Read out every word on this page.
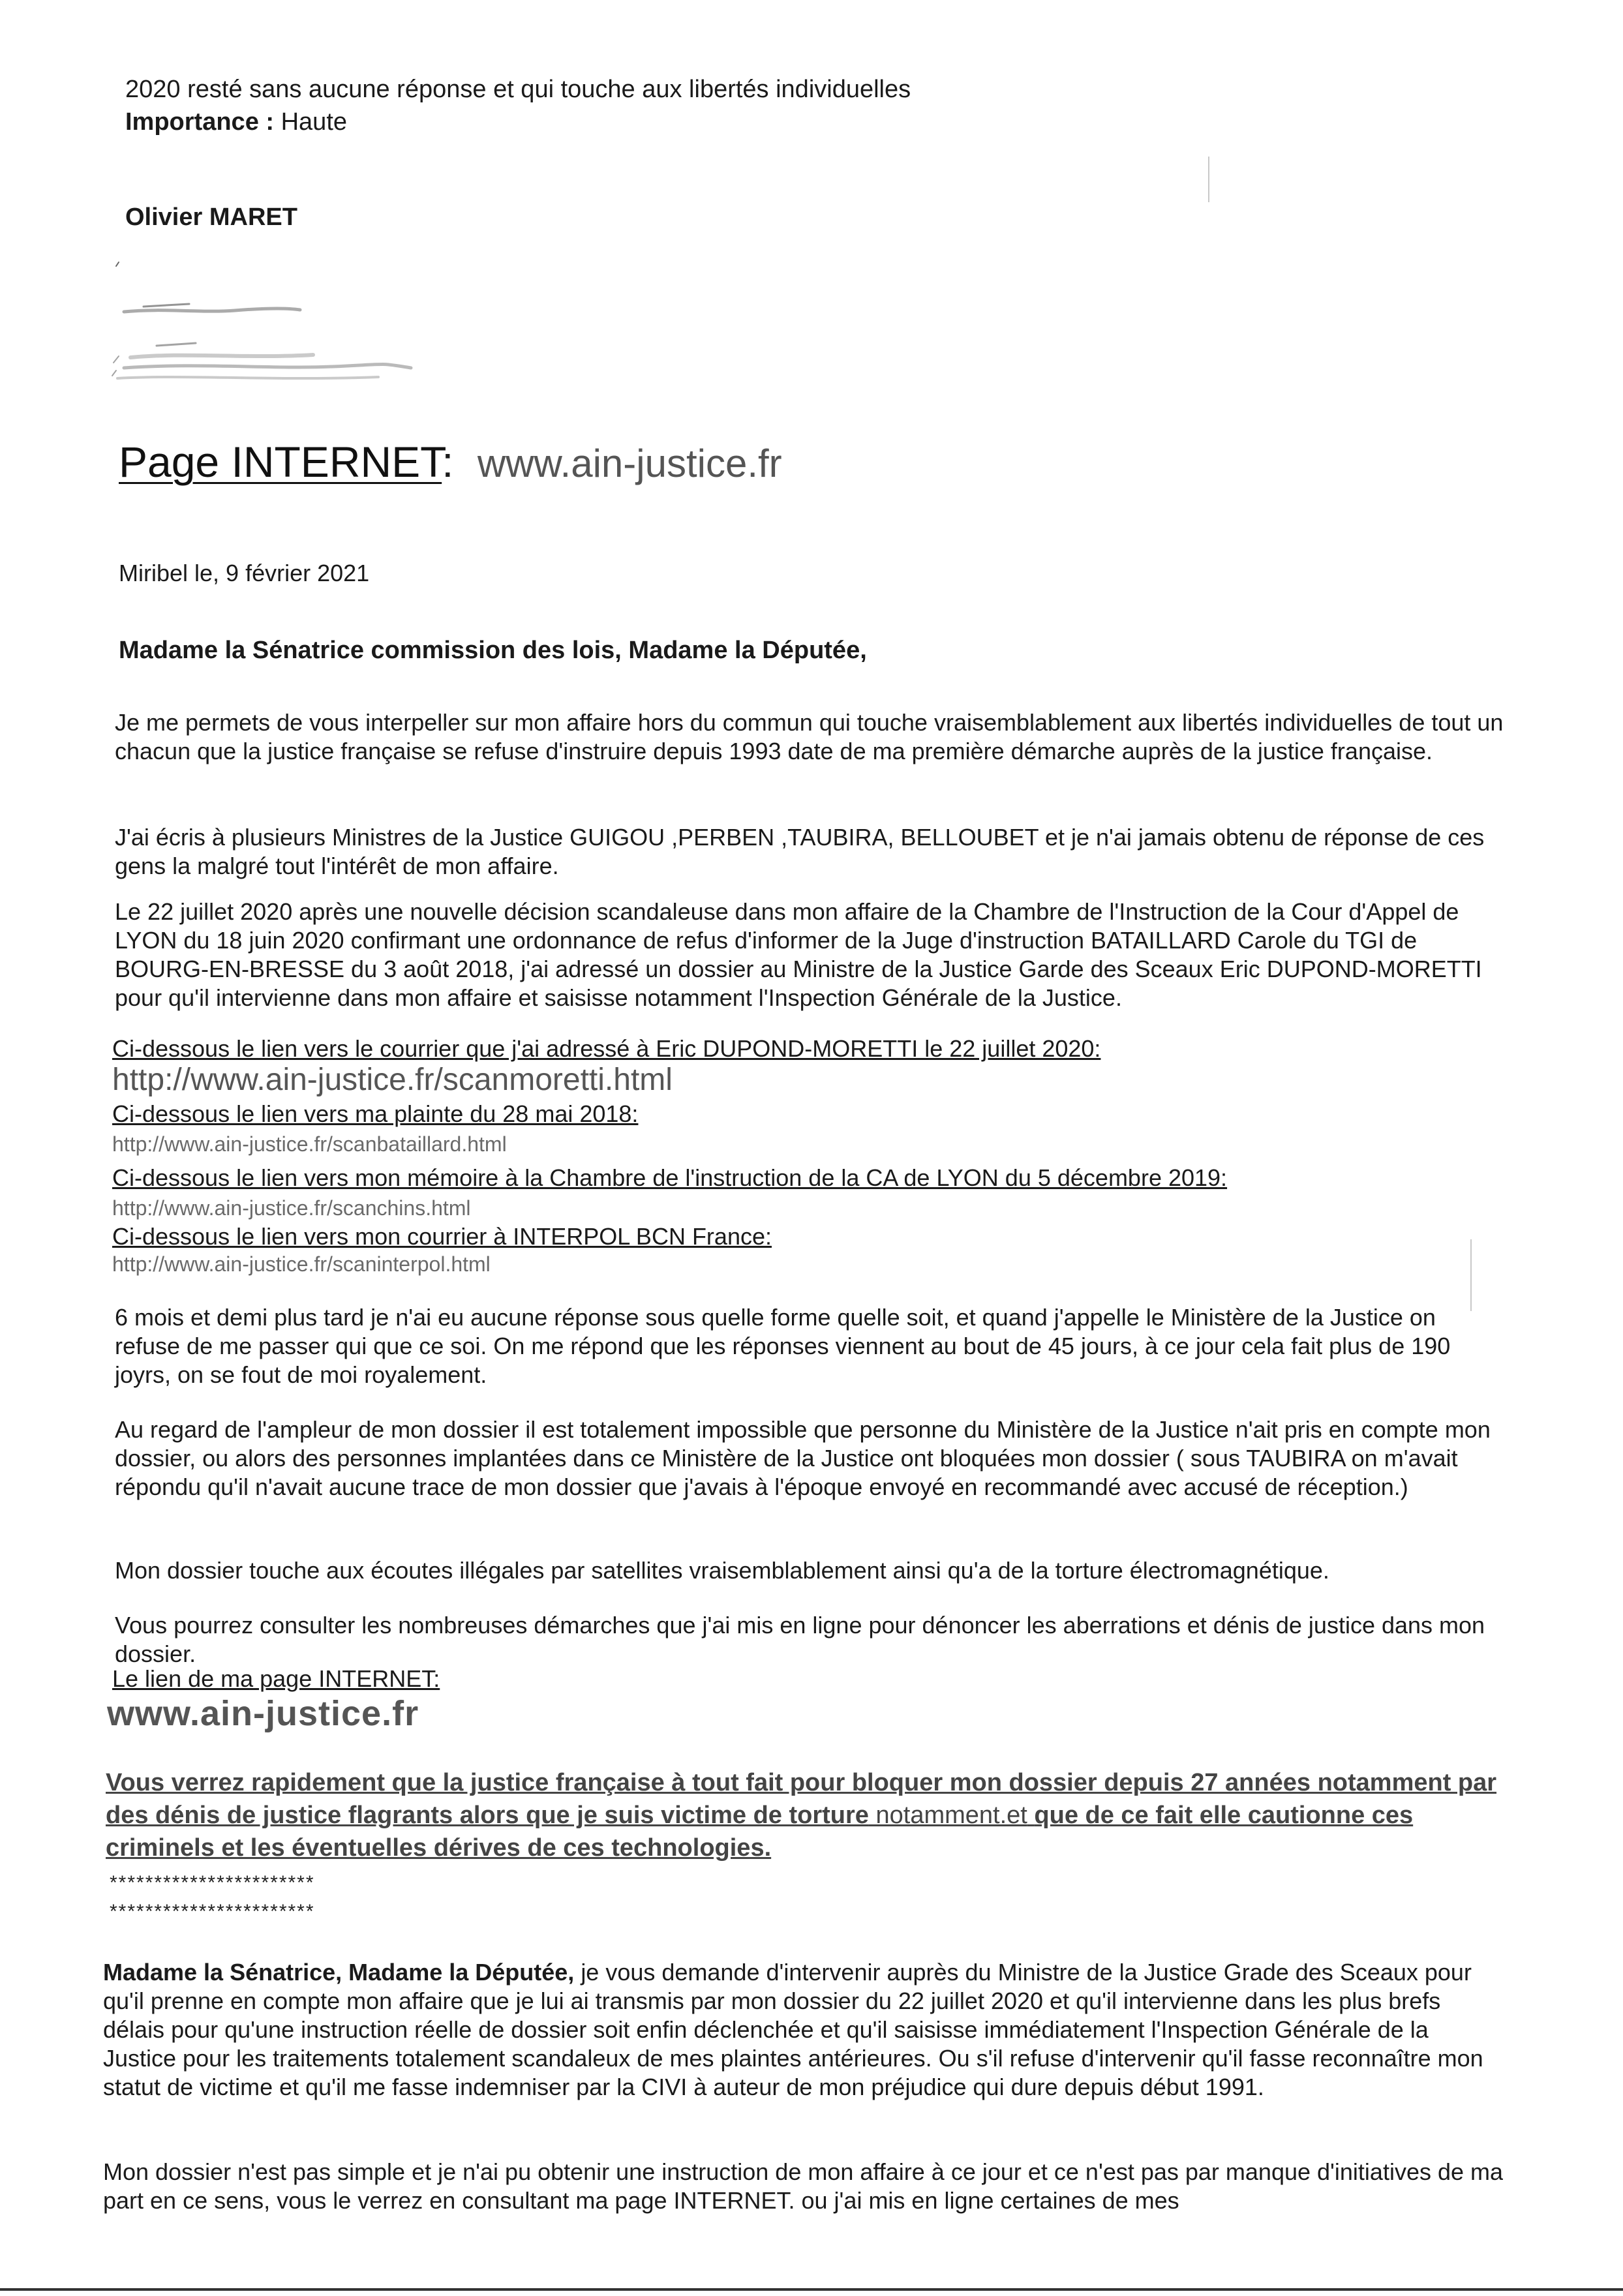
2020 resté sans aucune réponse et qui touche aux libertés individuelles
Importance : Haute
Olivier MARET
Page INTERNET: www.ain-justice.fr
Miribel le, 9 février 2021
Madame la Sénatrice commission des lois, Madame la Députée,
Je me permets de vous interpeller sur mon affaire hors du commun qui touche vraisemblablement aux libertés individuelles de tout un chacun que la justice française se refuse d'instruire depuis 1993 date de ma première démarche auprès de la justice française.
J'ai écris à plusieurs Ministres de la Justice GUIGOU ,PERBEN ,TAUBIRA, BELLOUBET et je n'ai jamais obtenu de réponse de ces gens la malgré tout l'intérêt de mon affaire.
Le 22 juillet 2020 après une nouvelle décision scandaleuse dans mon affaire de la Chambre de l'Instruction de la Cour d'Appel de LYON du 18 juin 2020 confirmant une ordonnance de refus d'informer de la Juge d'instruction BATAILLARD Carole du TGI de BOURG-EN-BRESSE du 3 août 2018, j'ai adressé un dossier au Ministre de la Justice Garde des Sceaux Eric DUPOND-MORETTI pour qu'il intervienne dans mon affaire et saisisse notamment l'Inspection Générale de la Justice.
Ci-dessous le lien vers le courrier que j'ai adressé à Eric DUPOND-MORETTI le 22 juillet 2020:
http://www.ain-justice.fr/scanmoretti.html
Ci-dessous le lien vers ma plainte du 28 mai 2018:
http://www.ain-justice.fr/scanbataillard.html
Ci-dessous le lien vers mon mémoire à la Chambre de l'instruction de la CA de LYON du 5 décembre 2019:
http://www.ain-justice.fr/scanchins.html
Ci-dessous le lien vers mon courrier à INTERPOL BCN France:
http://www.ain-justice.fr/scaninterpol.html
6 mois et demi plus tard je n'ai eu aucune réponse sous quelle forme quelle soit, et quand j'appelle le Ministère de la Justice on refuse de me passer qui que ce soi. On me répond que les réponses viennent au bout de 45 jours, à ce jour cela fait plus de 190 joyrs, on se fout de moi royalement.
Au regard de l'ampleur de mon dossier il est totalement impossible que personne du Ministère de la Justice n'ait pris en compte mon dossier, ou alors des personnes implantées dans ce Ministère de la Justice ont bloquées mon dossier ( sous TAUBIRA on m'avait répondu qu'il n'avait aucune trace de mon dossier que j'avais à l'époque envoyé en recommandé avec accusé de réception.)
Mon dossier touche aux écoutes illégales par satellites vraisemblablement ainsi qu'a de la torture électromagnétique.
Vous pourrez consulter les nombreuses démarches que j'ai mis en ligne pour dénoncer les aberrations et dénis de justice dans mon dossier.
Le lien de ma page INTERNET:
www.ain-justice.fr
Vous verrez rapidement que la justice française à tout fait pour bloquer mon dossier depuis 27 années notamment par des dénis de justice flagrants alors que je suis victime de torture notamment.et que de ce fait elle cautionne ces criminels et les éventuelles dérives de ces technologies.
***********************
***********************
Madame la Sénatrice, Madame la Députée, je vous demande d'intervenir auprès du Ministre de la Justice Grade des Sceaux pour qu'il prenne en compte mon affaire que je lui ai transmis par mon dossier du 22 juillet 2020 et qu'il intervienne dans les plus brefs délais pour qu'une instruction réelle de dossier soit enfin déclenchée et qu'il saisisse immédiatement l'Inspection Générale de la Justice pour les traitements totalement scandaleux de mes plaintes antérieures. Ou s'il refuse d'intervenir qu'il fasse reconnaître mon statut de victime et qu'il me fasse indemniser par la CIVI à auteur de mon préjudice qui dure depuis début 1991.
Mon dossier n'est pas simple et je n'ai pu obtenir une instruction de mon affaire à ce jour et ce n'est pas par manque d'initiatives de ma part en ce sens, vous le verrez en consultant ma page INTERNET. ou j'ai mis en ligne certaines de mes
